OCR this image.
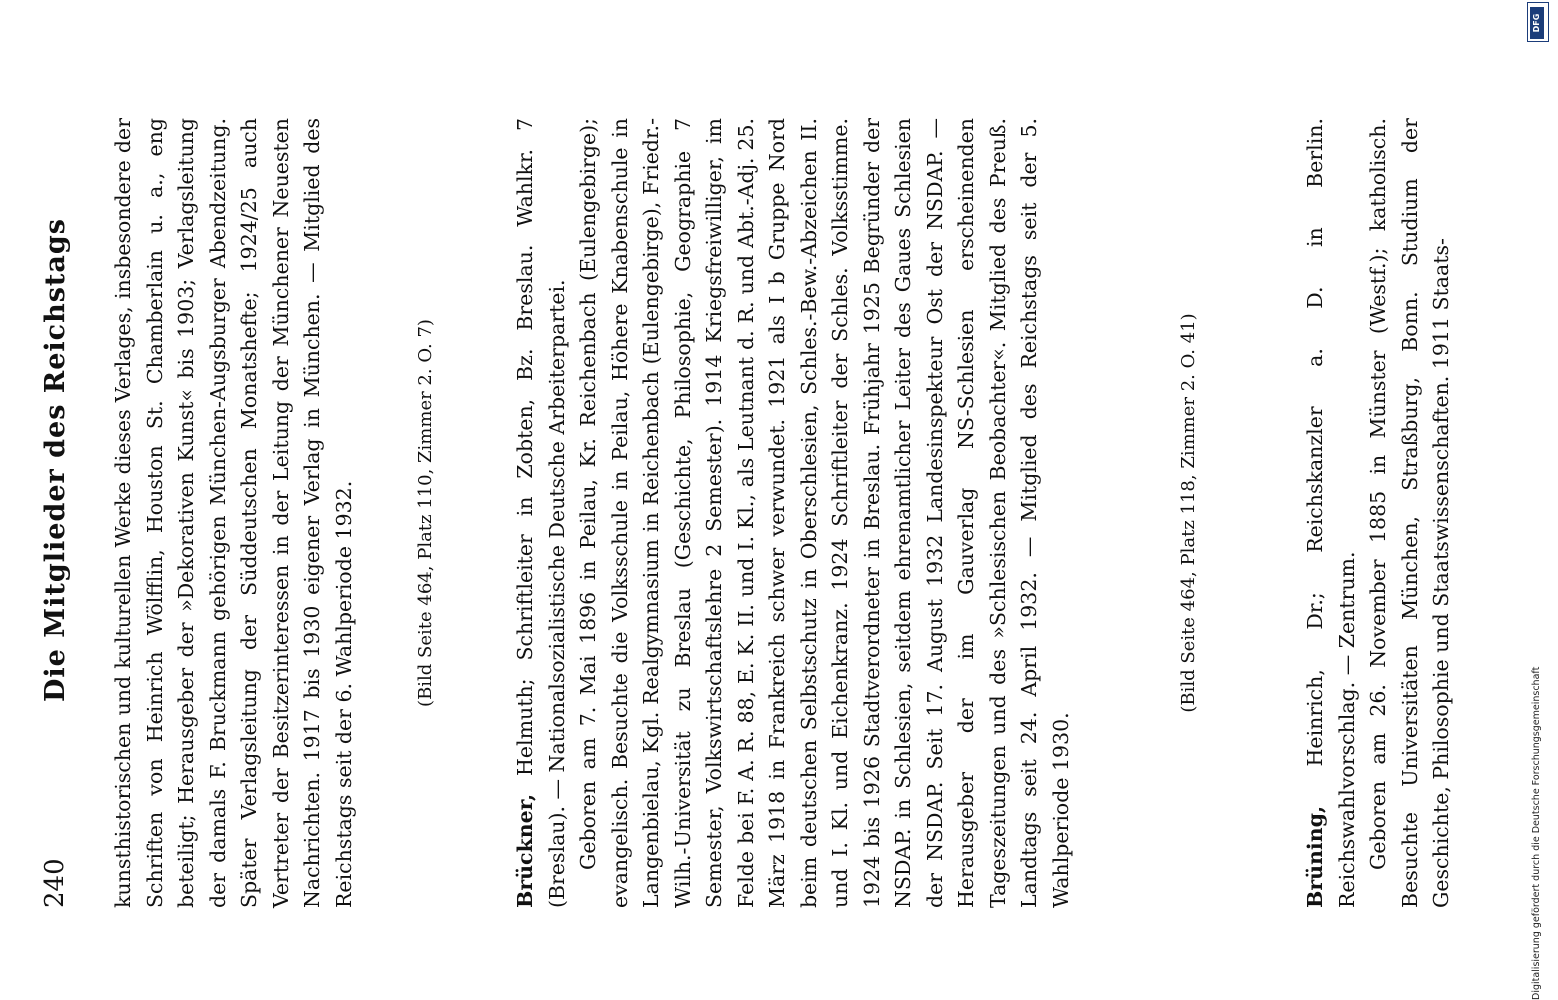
240
Die Mitglieder des Reichstags kunsthistorischen und kulturellen Werke dieses Verlages, insbesondere der Schriften von Heinrich Wölfflin, Houston St. Chamberlain u. a., eng beteiligt; Herausgeber der »Dekorativen Kunst« bis 1903; Verlagsleitung der damals F. Bruckmann gehörigen München-Augsburger Abendzeitung. Später Verlagsleitung der Süddeutschen Monatshefte; 1924/25 auch Vertreter der Besitzerinteressen in der Leitung der Münchener Neuesten Nachrichten. 1917 bis 1930 eigener Verlag in München. — Mitglied des Reichstags seit der 6. Wahlperiode 1932.	(Bild Seite 464, Platz 110, Zimmer 2. O. 7)

Brückner, Helmuth; Schriftleiter in Zobten, Bz. Breslau. Wahlkr. 7 (Breslau). — Nationalsozialistische Deutsche Arbeiterpartei. Geboren am 7. Mai 1896 in Peilau, Kr. Reichenbach (Eulengebirge); evangelisch. Besuchte die Volksschule in Peilau, Höhere Knabenschule in Langenbielau, Kgl. Realgymnasium in Reichenbach (Eulengebirge), Friedr.-Wilh.-Universität zu Breslau (Geschichte, Philosophie, Geographie 7 Semester, Volkswirtschaftslehre 2 Semester). 1914 Kriegsfreiwilliger, im Felde bei F. A. R. 88, E. K. II. und I. Kl., als Leutnant d. R. und Abt.-Adj. 25. März 1918 in Frankreich schwer verwundet. 1921 als I b Gruppe Nord beim deutschen Selbstschutz in Oberschlesien, Schles.-Bew.-Abzeichen II. und I. Kl. und Eichenkranz. 1924 Schriftleiter der Schles. Volksstimme. 1924 bis 1926 Stadtverordneter in Breslau. Frühjahr 1925 Begründer der NSDAP. in Schlesien, seitdem ehrenamtlicher Leiter des Gaues Schlesien der NSDAP. Seit 17. August 1932 Landesinspekteur Ost der NSDAP. — Herausgeber der im Gauverlag NS-Schlesien erscheinenden Tageszeitungen und des »Schlesischen Beobachter«. Mitglied des Preuß. Landtags seit 24. April 1932. — Mitglied des Reichstags seit der 5. Wahlperiode 1930.

(Bild Seite 464, Platz 118, Zimmer 2. O. 41)

Brüning, Heinrich, Dr.; Reichskanzler a. D. in Berlin. Reichswahlvorschlag. — Zentrum. Geboren am 26. November 1885 in Münster (Westf.); katholisch. Besuchte Universitäten München, Straßburg, Bonn. Studium der Geschichte, Philosophie und Staatswissenschaften. 1911 Staats-	Digitalisierung gefördert durch die Deutsche Forschungsgemeinschaft
DFG
